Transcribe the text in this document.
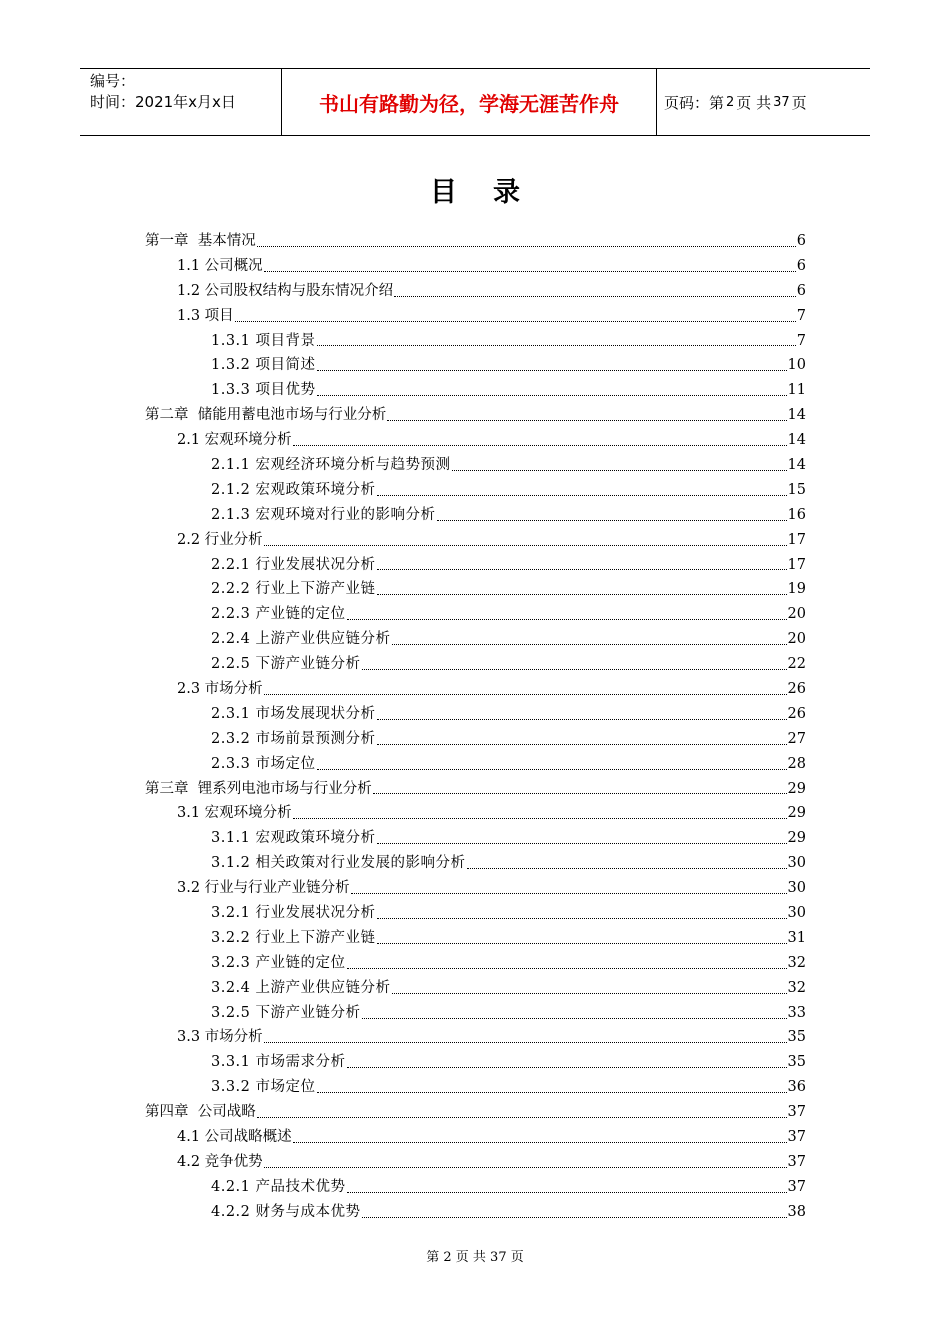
编号：
时间：2021年x月x日	书山有路勤为径，学海无涯苦作舟	页码：第 2 页 共 37 页
目录
第一章  基本情况	6
1.1 公司概况	6
1.2 公司股权结构与股东情况介绍	6
1.3 项目	7
1.3.1 项目背景	7
1.3.2 项目简述	10
1.3.3 项目优势	11
第二章  储能用蓄电池市场与行业分析	14
2.1 宏观环境分析	14
2.1.1 宏观经济环境分析与趋势预测	14
2.1.2 宏观政策环境分析	15
2.1.3 宏观环境对行业的影响分析	16
2.2 行业分析	17
2.2.1 行业发展状况分析	17
2.2.2 行业上下游产业链	19
2.2.3 产业链的定位	20
2.2.4 上游产业供应链分析	20
2.2.5 下游产业链分析	22
2.3 市场分析	26
2.3.1 市场发展现状分析	26
2.3.2 市场前景预测分析	27
2.3.3 市场定位	28
第三章  锂系列电池市场与行业分析	29
3.1 宏观环境分析	29
3.1.1 宏观政策环境分析	29
3.1.2 相关政策对行业发展的影响分析	30
3.2 行业与行业产业链分析	30
3.2.1 行业发展状况分析	30
3.2.2 行业上下游产业链	31
3.2.3 产业链的定位	32
3.2.4 上游产业供应链分析	32
3.2.5 下游产业链分析	33
3.3 市场分析	35
3.3.1 市场需求分析	35
3.3.2 市场定位	36
第四章  公司战略	37
4.1 公司战略概述	37
4.2 竞争优势	37
4.2.1 产品技术优势	37
4.2.2 财务与成本优势	38
第 2 页 共 37 页
